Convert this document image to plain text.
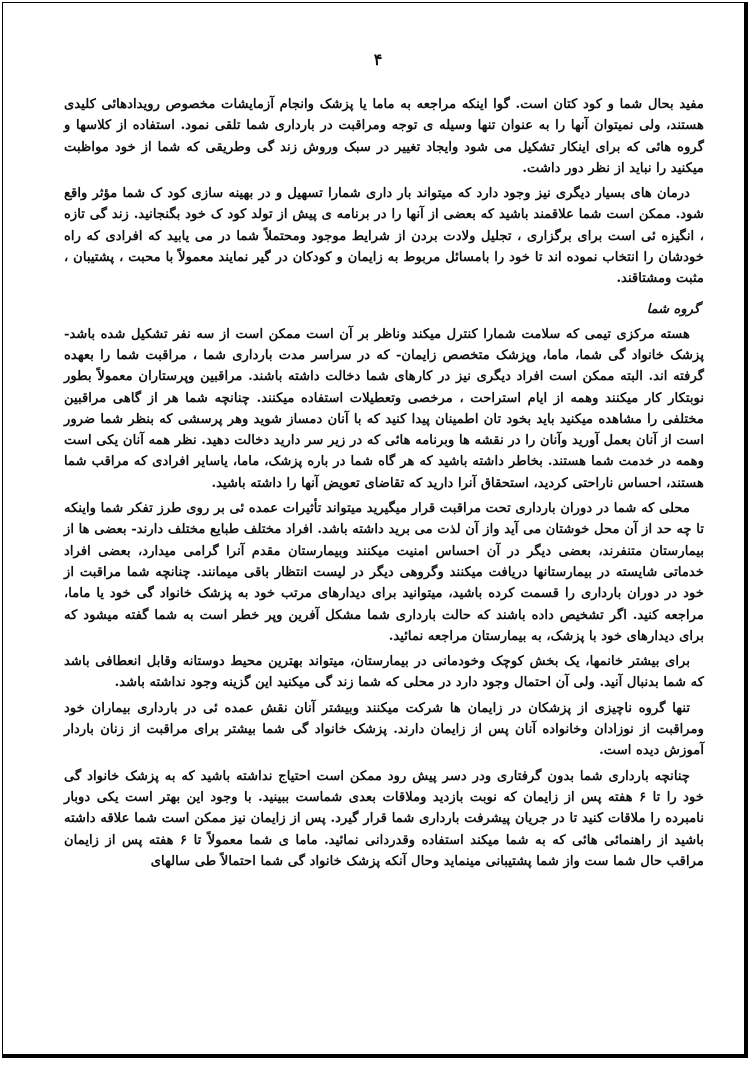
۴

مفید بحال شما و کود کتان است. گوا اینکه مراجعه به ماما یا پزشک وانجام آزمایشات مخصوص رویدادهائی کلیدی هستند، ولی نمیتوان آنها را به عنوان تنها وسیله ی توجه ومراقبت در بارداری شما تلقی نمود. استفاده از کلاسها و گروه هائی که برای اینکار تشکیل می شود وایجاد تغییر در سبک وروش زند گی وطریقی که شما از خود مواظبت میکنید را نباید از نظر دور داشت.

درمان های بسیار دیگری نیز وجود دارد که میتواند بار داری شمارا تسهیل و در بهینه سازی کود ک شما مؤثر واقع شود. ممکن است شما علاقمند باشید که بعضی از آنها را در برنامه ی پیش از تولد کود ک خود بگنجانید. زند گی تازه ، انگیزه ئی است برای برگزاری ، تجلیل ولادت بردن از شرایط موجود ومحتملاً شما در می یابید که افرادی که راه خودشان را انتخاب نموده اند تا خود را بامسائل مربوط به زایمان و کودکان در گیر نمایند معمولاً با محبت ، پشتیبان ، مثبت ومشتاقند.

گروه شما

هسته مرکزی تیمی که سلامت شمارا کنترل میکند وناظر بر آن است ممکن است از سه نفر تشکیل شده باشد- پزشک خانواد گی شما، ماما، وپزشک متخصص زایمان- که در سراسر مدت بارداری شما ، مراقبت شما را بعهده گرفته اند. البته ممکن است افراد دیگری نیز در کارهای شما دخالت داشته باشند. مراقبین وپرستاران معمولاً بطور نوبتکار کار میکنند وهمه از ایام استراحت ، مرخصی وتعطیلات استفاده میکنند. چنانچه شما هر از گاهی مراقبین مختلفی را مشاهده میکنید باید بخود تان اطمینان پیدا کنید که با آنان دمساز شوید وهر پرسشی که بنظر شما ضرور است از آنان بعمل آورید وآنان را در نقشه ها وبرنامه هائی که در زیر سر دارید دخالت دهید. نظر همه آنان یکی است وهمه در خدمت شما هستند. بخاطر داشته باشید که هر گاه شما در باره پزشک، ماما، یاسایر افرادی که مراقب شما هستند، احساس ناراحتی کردید، استحقاق آنرا دارید که تقاضای تعویض آنها را داشته باشید.

محلی که شما در دوران بارداری تحت مراقبت قرار میگیرید میتواند تأثیرات عمده ئی بر روی طرز تفکر شما واینکه تا چه حد از آن محل خوشتان می آید واز آن لذت می برید داشته باشد. افراد مختلف طبایع مختلف دارند- بعضی ها از بیمارستان متنفرند، بعضی دیگر در آن احساس امنیت میکنند وبیمارستان مقدم آنرا گرامی میدارد، بعضی افراد خدماتی شایسته در بیمارستانها دریافت میکنند وگروهی دیگر در لیست انتظار باقی میمانند. چنانچه شما مراقبت از خود در دوران بارداری را قسمت کرده باشید، میتوانید برای دیدارهای مرتب خود به پزشک خانواد گی خود یا ماما، مراجعه کنید. اگر تشخیص داده باشند که حالت بارداری شما مشکل آفرین وپر خطر است به شما گفته میشود که برای دیدارهای خود با پزشک، به بیمارستان مراجعه نمائید.

برای بیشتر خانمها، یک بخش کوچک وخودمانی در بیمارستان، میتواند بهترین محیط دوستانه وقابل انعطافی باشد که شما بدنبال آنید. ولی آن احتمال وجود دارد در محلی که شما زند گی میکنید این گزینه وجود نداشته باشد.

تنها گروه ناچیزی از پزشکان در زایمان ها شرکت میکنند وبیشتر آنان نقش عمده ئی در بارداری بیماران خود ومراقبت از نوزادان وخانواده آنان پس از زایمان دارند. پزشک خانواد گی شما بیشتر برای مراقبت از زنان باردار آموزش دیده است.

چنانچه بارداری شما بدون گرفتاری ودر دسر پیش رود ممکن است احتیاج نداشته باشید که به پزشک خانواد گی خود را تا ۶ هفته پس از زایمان که نوبت بازدید وملاقات بعدی شماست ببینید. با وجود این بهتر است یکی دوبار نامبرده را ملاقات کنید تا در جریان پیشرفت بارداری شما قرار گیرد. پس از زایمان نیز ممکن است شما علاقه داشته باشید از راهنمائی هائی که به شما میکند استفاده وقدردانی نمائید. ماما ی شما معمولاً تا ۶ هفته پس از زایمان مراقب حال شما ست واز شما پشتیبانی مینماید وحال آنکه پزشک خانواد گی شما احتمالاً طی سالهای
